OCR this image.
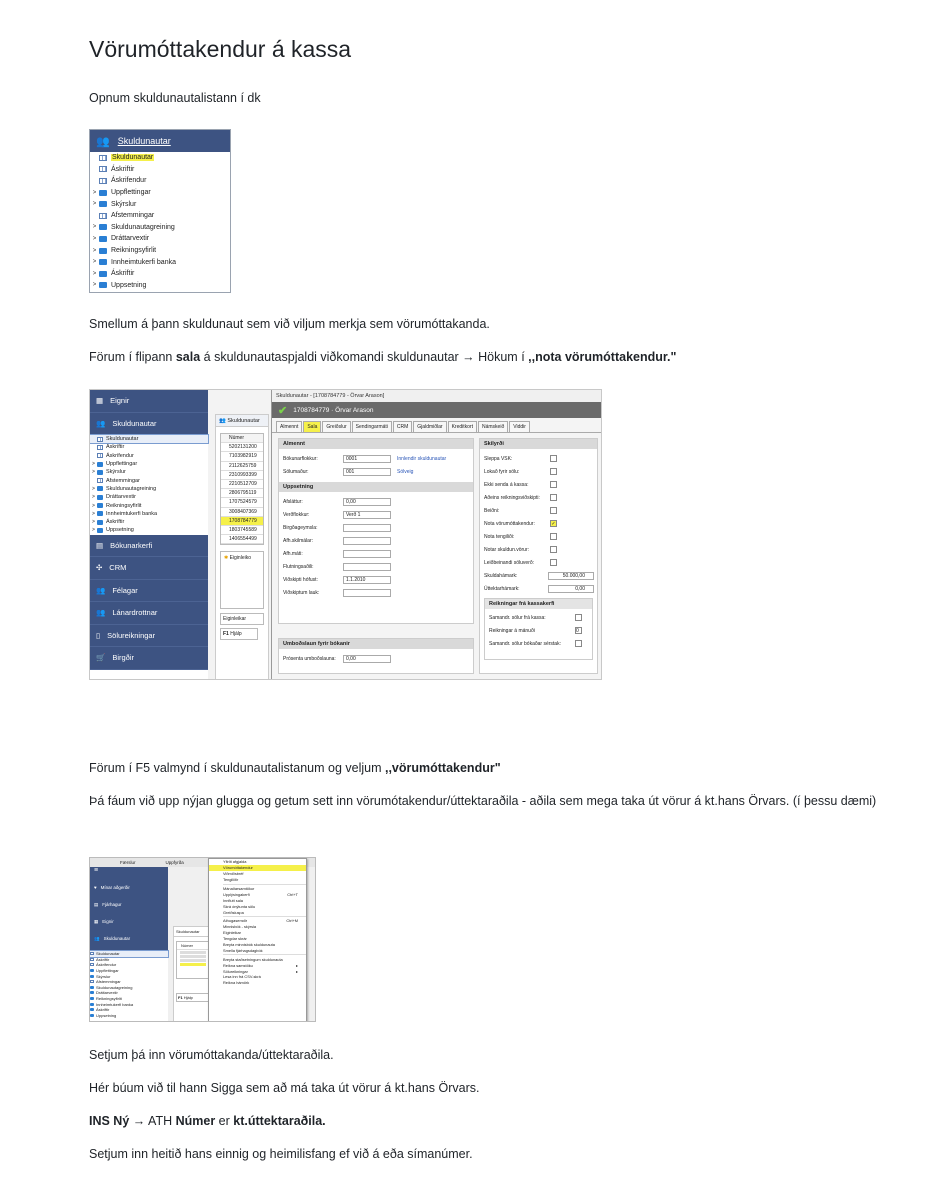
Vörumóttakendur á kassa
Opnum skuldunautalistann í dk
👥 Skuldunautar
Skuldunautar
Áskriftir
Áskrifendur
>	Uppflettingar
>	Skýrslur
Afstemmingar
>	Skuldunautagreining
>	Dráttarvextir
>	Reikningsyfirlit
>	Innheimtukerfi banka
>	Áskriftir
>	Uppsetning
Smellum á þann skuldunaut sem við viljum merkja sem vörumóttakanda.
Förum í flipann sala á skuldunautaspjaldi viðkomandi skuldunautar → Hökum í ,,nota vörumóttakendur."
▦ Eignir
👥 Skuldunautar
Skuldunautar
Áskriftir
Áskrifendur
>	Uppflettingar
>	Skýrslur
Afstemmingar
>	Skuldunautagreining
>	Dráttarvextir
>	Reikningsyfirlit
>	Innheimtukerfi banka
>	Áskriftir
>	Uppsetning
▤ Bókunarkerfi
✣ CRM
👥 Félagar
👥 Lánardrottnar
▯ Sölureikningar
🛒 Birgðir
👥 Skuldunautar
Númer
5202131200
7103982919
2112625759
2310993399
2210512709
2806795119
1707524579
3008407369
1708784779
1803745589
1406554499
✱ Eiginleiko
Eiginleikar
F1 Hjálp
Skuldunautar - [1708784779 - Örvar Arason]
✔ 1708784779 · Örvar Arason
Almennt	Sala	Greiðslur	Sendingarmáti	CRM	Gjaldmiðlar	Kreditkort	Námskeið	Viddir
Almennt
Bókunarflokkur:	0001	Innlendir skuldunautar
Sölumaður:	001	Sólveig
Uppsetning
Afsláttur:	0,00
Verðflokkur:	Verð 1
Birgðageymsla:
Afh.skilmálar:
Afh.máti:
Flutningsaðili:
Viðskipti hófust:	1.1.2010
Viðskiptum lauk:
Umboðslaun fyrir bókanir
Prósenta umboðslauna:	0,00
Skilyrði
Sleppa VSK:
Lokað fyrir sölu:
Ekki senda á kassa:
Aðeins reikningsviðskipti:
Beiðni:
Nota vörumóttakendur:	✓
Nota tengiliði:
Notar skuldun.vörur:
Leiðbeinandi söluverð:
Skuldahámark:	50.000,00
Úttektarhámark:	0,00
Reikningar frá kassakerfi
Samandr. sölur frá kassa:
Reikningar á mánuði	0
Samandr. sölur bókaðar sérstak:
Förum í F5 valmynd í skuldunautalistanum og veljum ,,vörumóttakendur"
Þá fáum við upp nýjan glugga og getum sett inn vörumótakendur/úttektaraðila - aðila sem mega taka út vörur á kt.hans Örvars. (í þessu dæmi)
Færslur	Uppfyrða
≡
♥ Mínar aðgerðir
▤ Fjárhagur
▦ Eignir
👥 Skuldunautar
Skuldunautar
Áskriftir
Áskrifendur
Uppflettingar
Skýrslur
Afstemmingar
Skuldunautagreining
Dráttarvextir
Reikningsyfirlit
Innheimtukerfi banka
Áskriftir
Uppsetning
Skuldunautar
Númer
F1 Hjálp
Yfirlit afgjalda
Vörumóttakendur
Viðmiðsbréf
Tengiliðir
Mánaðarsamtökur
Upplýsingakerfi	Ctrl+T
Innflutt sala
Skrá ónýtunta sölu
Greiðsluspa
Athugasemdir	Ctrl+M
Minnisbók - skýrsla
Eiginleikar
Tengdar skrár
Breyta minnisbók skuldunauta
Smella fjárhagsdagbók
Breyta staðsetningum skuldunauta
Reikna samstöku	▸
Sölureikningar	▸
Lesa inn frá CSV-skrá
Reikna hámörk
Setjum þá inn vörumóttakanda/úttektaraðila.
Hér búum við til hann Sigga sem að má taka út vörur á kt.hans Örvars.
INS Ný → ATH Númer er kt.úttektaraðila.
Setjum inn heitið hans einnig og heimilisfang ef við á eða símanúmer.
